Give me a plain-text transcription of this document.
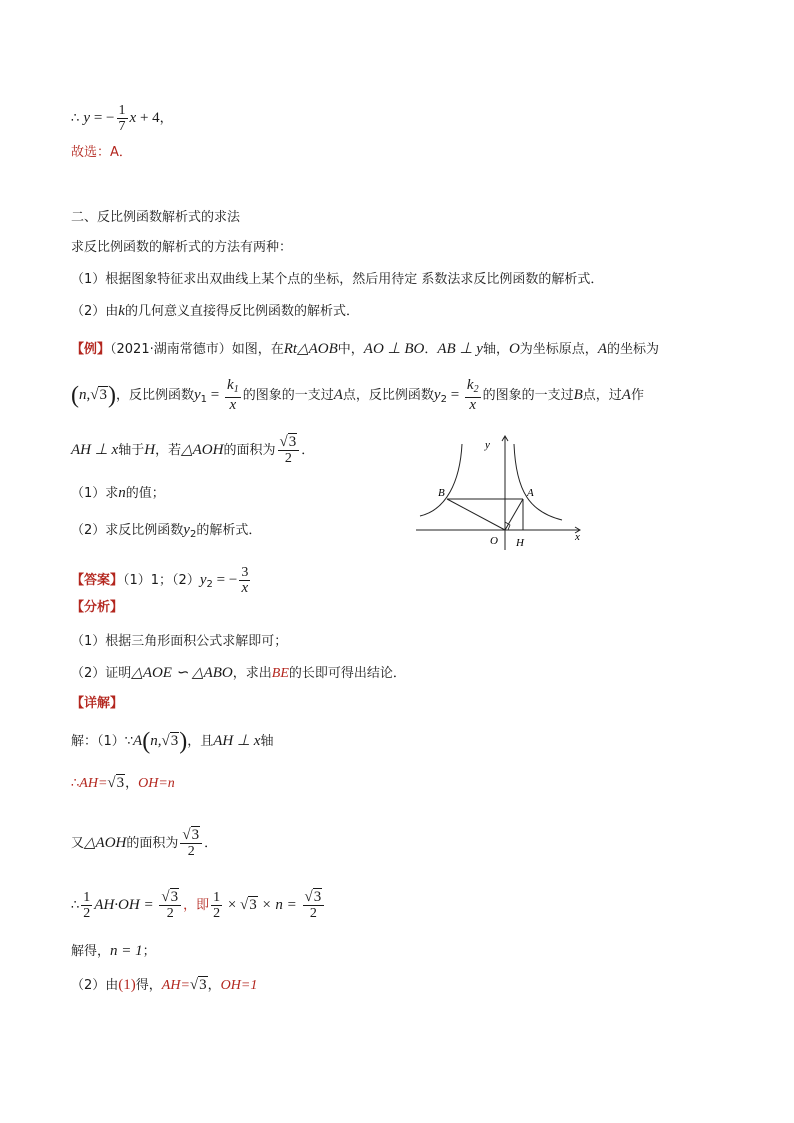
∴ y = − $\frac{1}{7}$ x + 4，
故选：A．
二、反比例函数解析式的求法
求反比例函数的解析式的方法有两种：
（1）根据图象特征求出双曲线上某个点的坐标，然后用待定 系数法求反比例函数的解析式．
（2）由k的几何意义直接得反比例函数的解析式．
【例】（2021·湖南常德市）如图，在Rt△AOB中，AO ⊥ BO．AB ⊥ y轴，O为坐标原点，A的坐标为
(n,√3)，反比例函数$y_1 = \frac{k_1}{x}$ 的图象的一支过A点，反比例函数$y_2 = \frac{k_2}{x}$ 的图象的一支过B点，过A作
AH ⊥ x轴于H，若△AOH的面积为 $\frac{√3}{2}$ ．
（1）求n的值；
（2）求反比例函数$y_2$的解析式．
y
x
O H
A
B
【答案】（1）1；$(2)y_2$ = − $\frac{3}{x}$
【分析】
（1）根据三角形面积公式求解即可；
（2）证明△AOE ∽ △ABO，求出BE的长即可得出结论．
【详解】
解：（1）∵A(n,√3)，且AH ⊥ x轴
∴AH=√3，OH=n
又△AOH的面积为 $\frac{√3}{2}$ ．
∴ $\frac{1}{2} AH\cdot OH = \frac{√3}{2}$ ，即 $\frac{1}{2} \times √3 \times n = \frac{√3}{2}$
解得，n = 1；
（2）由(1)得，AH=√3，OH=1
